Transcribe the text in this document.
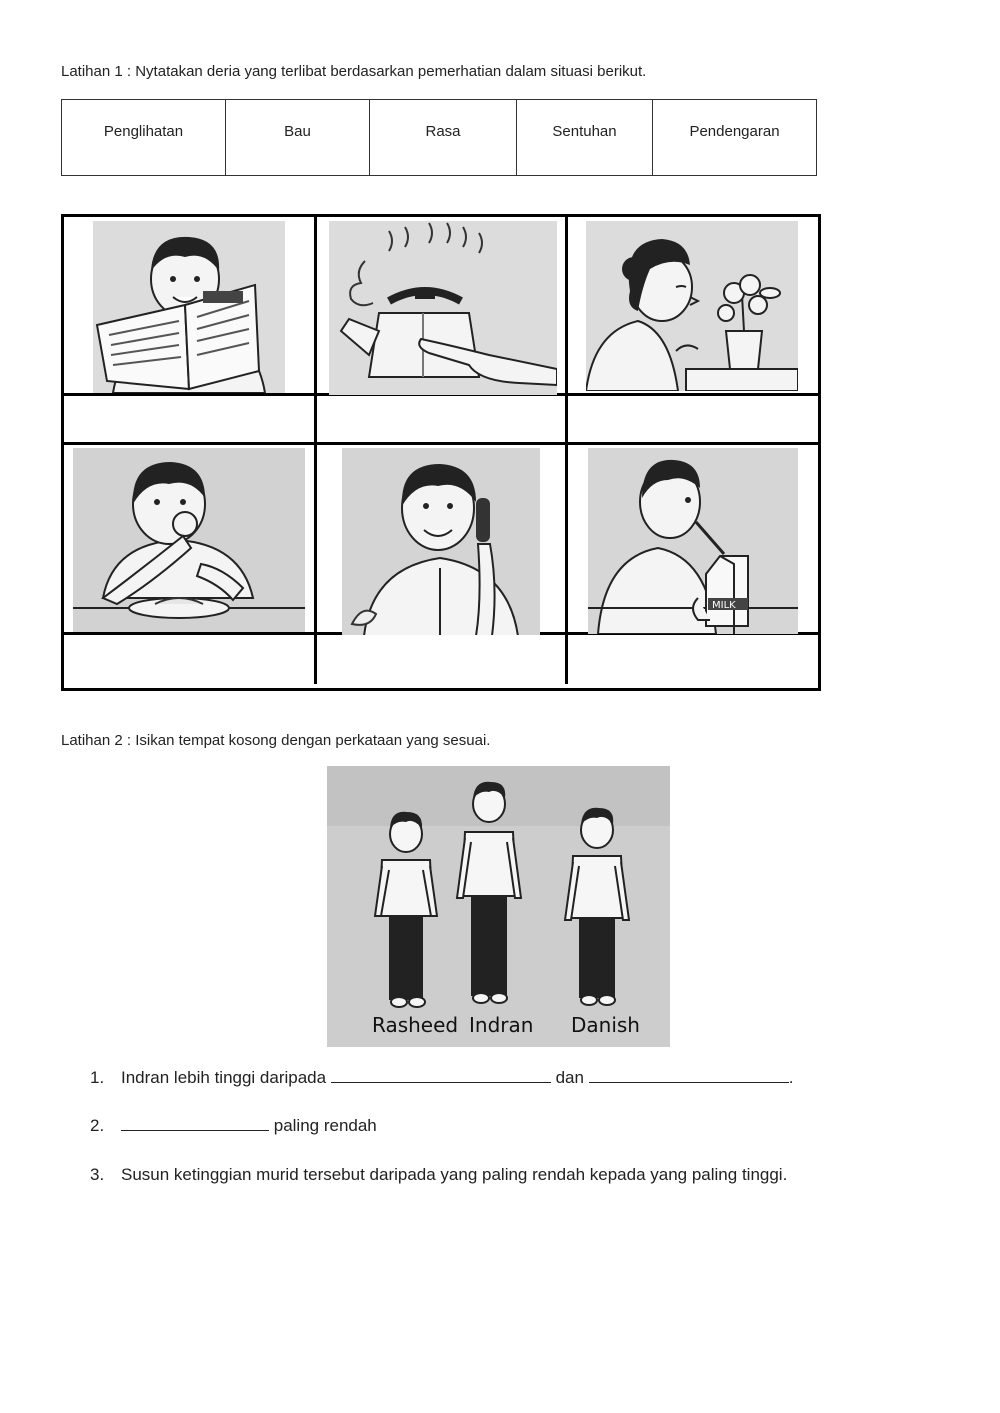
Latihan 1 : Nytatakan deria yang terlibat berdasarkan pemerhatian dalam situasi berikut.
Penglihatan	Bau	Rasa	Sentuhan	Pendengaran
MILK
Latihan 2 : Isikan tempat kosong dengan perkataan yang sesuai.
Rasheed Indran Danish
1. Indran lebih tinggi daripada	dan	.
2.	paling rendah
3. Susun ketinggian murid tersebut daripada yang paling rendah kepada yang paling tinggi.
